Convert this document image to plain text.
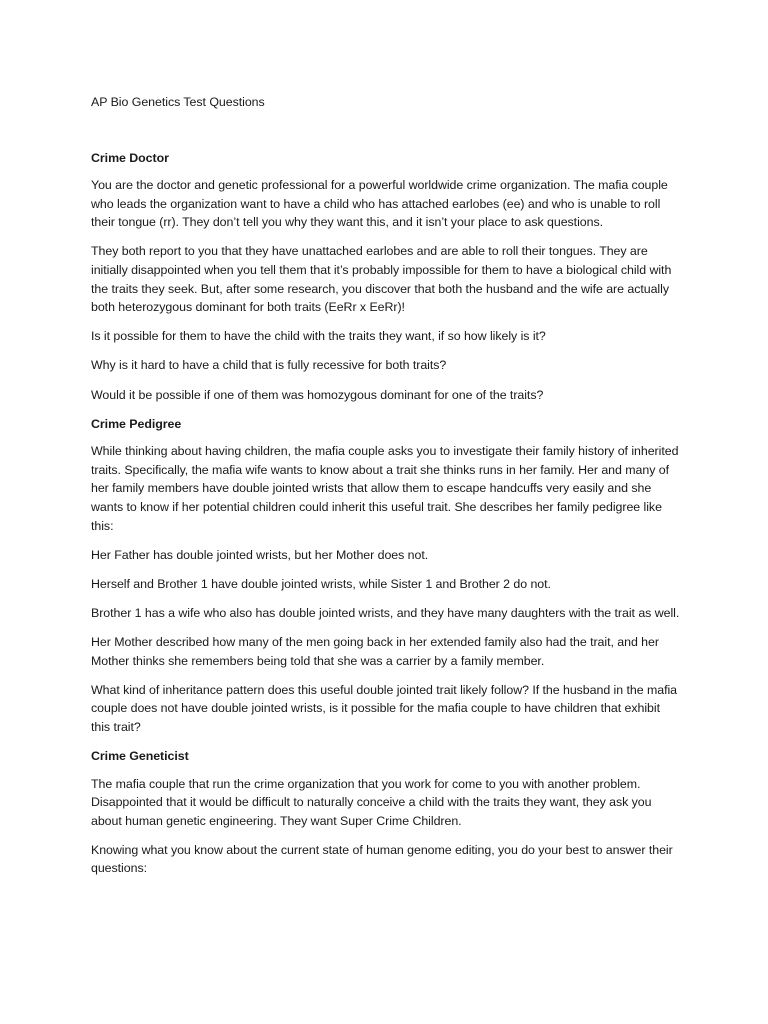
AP Bio Genetics Test Questions
Crime Doctor

You are the doctor and genetic professional for a powerful worldwide crime organization. The mafia couple who leads the organization want to have a child who has attached earlobes (ee) and who is unable to roll their tongue (rr). They don’t tell you why they want this, and it isn’t your place to ask questions.

They both report to you that they have unattached earlobes and are able to roll their tongues. They are initially disappointed when you tell them that it’s probably impossible for them to have a biological child with the traits they seek. But, after some research, you discover that both the husband and the wife are actually both heterozygous dominant for both traits (EeRr x EeRr)!

Is it possible for them to have the child with the traits they want, if so how likely is it?

Why is it hard to have a child that is fully recessive for both traits?

Would it be possible if one of them was homozygous dominant for one of the traits?

Crime Pedigree

While thinking about having children, the mafia couple asks you to investigate their family history of inherited traits. Specifically, the mafia wife wants to know about a trait she thinks runs in her family. Her and many of her family members have double jointed wrists that allow them to escape handcuffs very easily and she wants to know if her potential children could inherit this useful trait. She describes her family pedigree like this:

Her Father has double jointed wrists, but her Mother does not.

Herself and Brother 1 have double jointed wrists, while Sister 1 and Brother 2 do not.

Brother 1 has a wife who also has double jointed wrists, and they have many daughters with the trait as well.

Her Mother described how many of the men going back in her extended family also had the trait, and her Mother thinks she remembers being told that she was a carrier by a family member.

What kind of inheritance pattern does this useful double jointed trait likely follow? If the husband in the mafia couple does not have double jointed wrists, is it possible for the mafia couple to have children that exhibit this trait?

Crime Geneticist

The mafia couple that run the crime organization that you work for come to you with another problem. Disappointed that it would be difficult to naturally conceive a child with the traits they want, they ask you about human genetic engineering. They want Super Crime Children.

Knowing what you know about the current state of human genome editing, you do your best to answer their questions:
